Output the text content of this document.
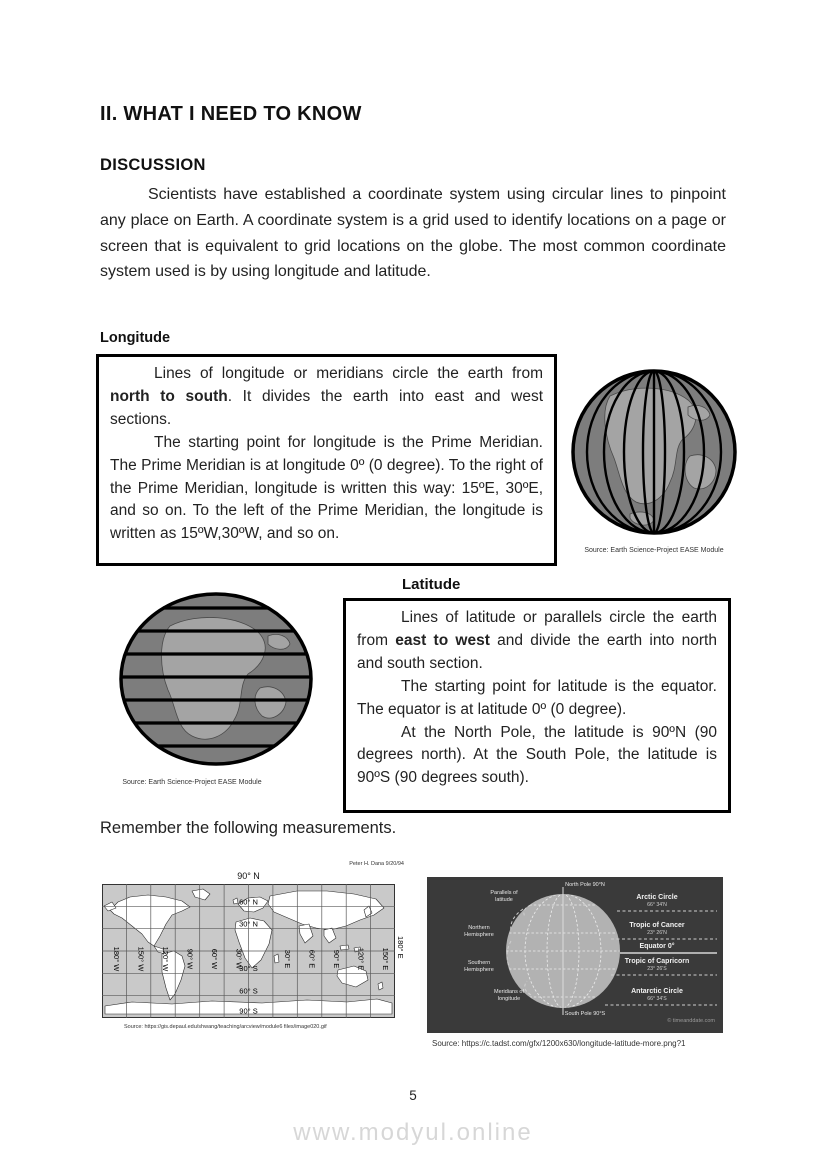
II. WHAT I NEED TO KNOW
DISCUSSION
Scientists have established a coordinate system using circular lines to pinpoint any place on Earth. A coordinate system is a grid used to identify locations on a page or screen that is equivalent to grid locations on the globe. The most common coordinate system used is by using longitude and latitude.
Longitude

Lines of longitude or meridians circle the earth from north to south. It divides the earth into east and west sections.

The starting point for longitude is the Prime Meridian. The Prime Meridian is at longitude 0º (0 degree). To the right of the Prime Meridian, longitude is written this way: 15ºE, 30ºE, and so on. To the left of the Prime Meridian, the longitude is written as 15ºW,30ºW, and so on.

Source: Earth Science-Project EASE Module
Latitude
Source: Earth Science-Project EASE Module

Lines of latitude or parallels circle the earth from east to west and divide the earth into north and south section.

The starting point for latitude is the equator. The equator is at latitude 0º (0 degree).

At the North Pole, the latitude is 90ºN (90 degrees north). At the South Pole, the latitude is 90ºS (90 degrees south).

Remember the following measurements.
Peter H. Dana 9/20/94
90° N
60° N
30° N
30° S
60° S
90° S
180° W 150° W 120° W 90° W 60° W 30° W	30° E 60° E 90° E 120° E 150° E
180° E
Source: https://gis.depaul.edu/shwang/teaching/arcview/module6 files/image020.gif
North Pole 90°N
South Pole 90°S
Parallels of latitude
Northern Hemisphere
Southern Hemisphere
Meridians of longitude
Arctic Circle
66° 34'N
Tropic of Cancer
23° 26'N
Equator 0°
Tropic of Capricorn
23° 26'S
Antarctic Circle
66° 34'S
© timeanddate.com
Source: https://c.tadst.com/gfx/1200x630/longitude-latitude-more.png?1
5
www.modyul.online
